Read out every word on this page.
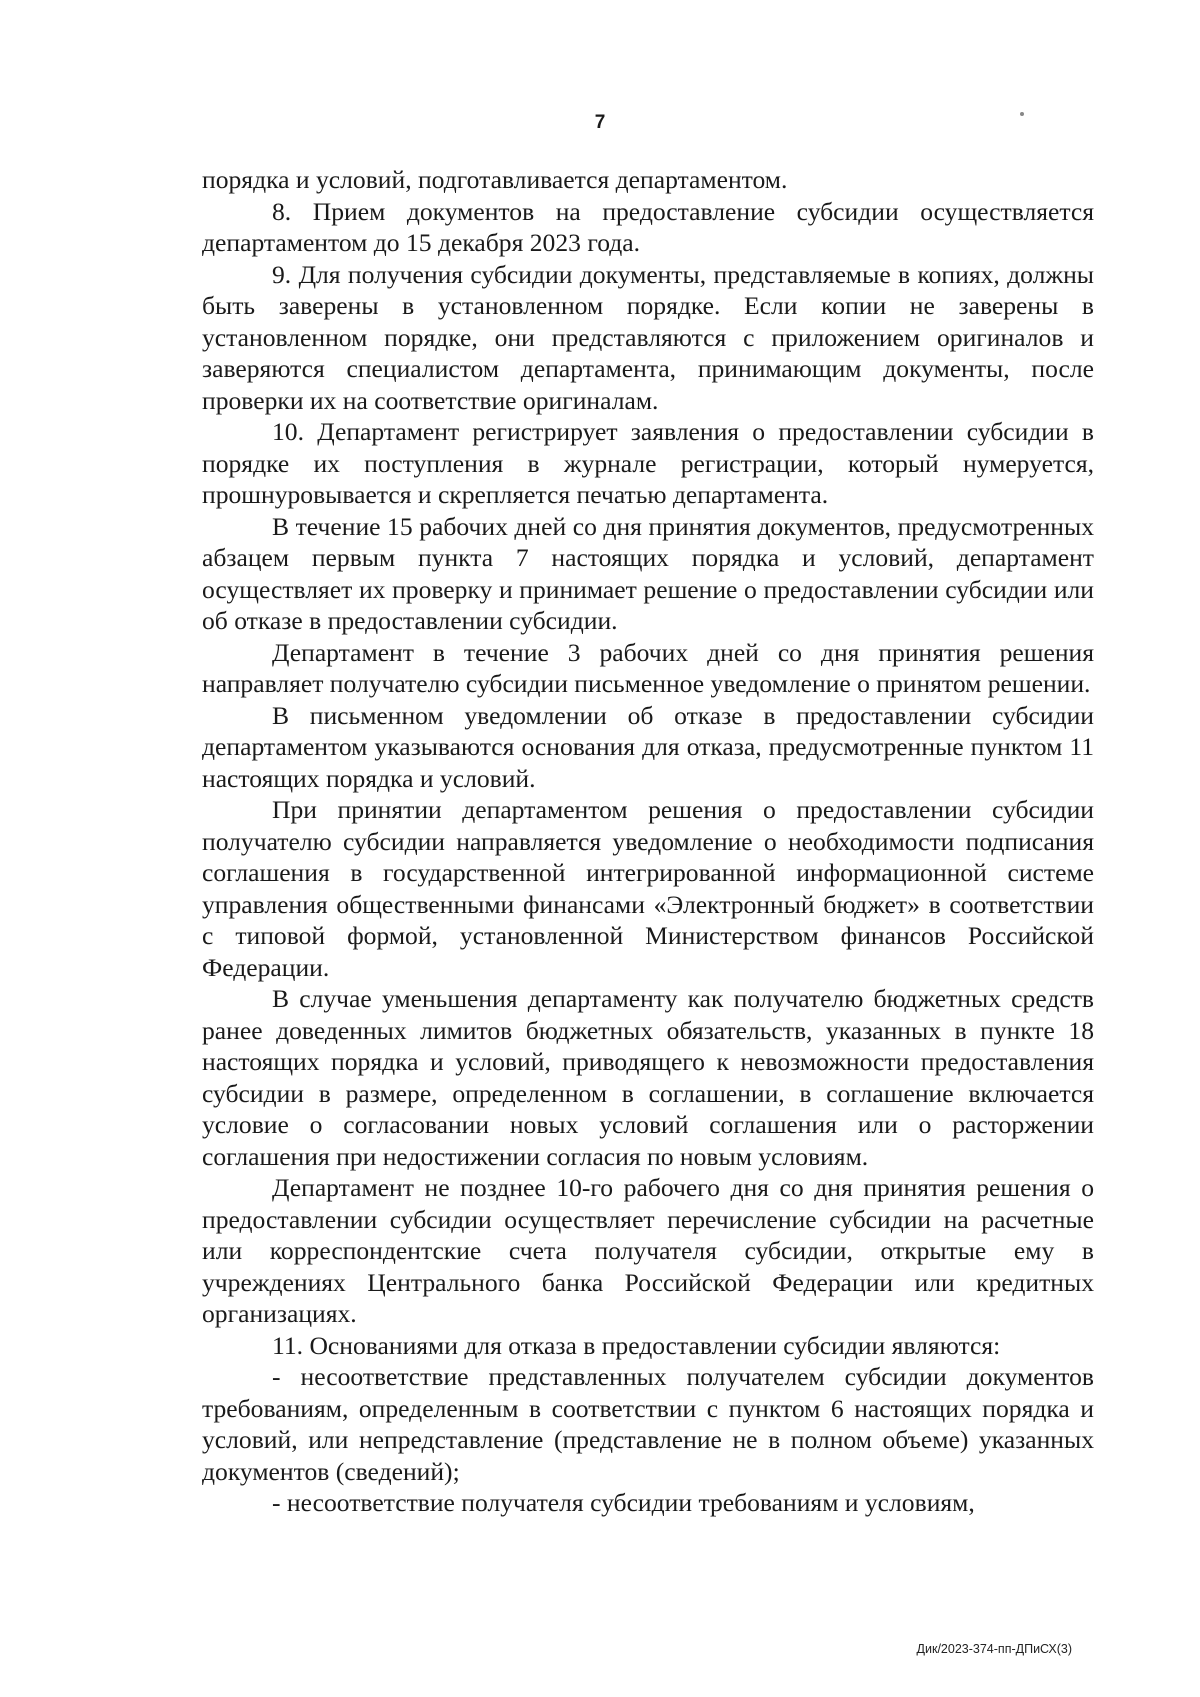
7

порядка и условий, подготавливается департаментом.

8. Прием документов на предоставление субсидии осуществляется департаментом до 15 декабря 2023 года.

9. Для получения субсидии документы, представляемые в копиях, должны быть заверены в установленном порядке. Если копии не заверены в установленном порядке, они представляются с приложением оригиналов и заверяются специалистом департамента, принимающим документы, после проверки их на соответствие оригиналам.

10. Департамент регистрирует заявления о предоставлении субсидии в порядке их поступления в журнале регистрации, который нумеруется, прошнуровывается и скрепляется печатью департамента.

В течение 15 рабочих дней со дня принятия документов, предусмотренных абзацем первым пункта 7 настоящих порядка и условий, департамент осуществляет их проверку и принимает решение о предоставлении субсидии или об отказе в предоставлении субсидии.

Департамент в течение 3 рабочих дней со дня принятия решения направляет получателю субсидии письменное уведомление о принятом решении.

В письменном уведомлении об отказе в предоставлении субсидии департаментом указываются основания для отказа, предусмотренные пунктом 11 настоящих порядка и условий.

При принятии департаментом решения о предоставлении субсидии получателю субсидии направляется уведомление о необходимости подписания соглашения в государственной интегрированной информационной системе управления общественными финансами «Электронный бюджет» в соответствии с типовой формой, установленной Министерством финансов Российской Федерации.

В случае уменьшения департаменту как получателю бюджетных средств ранее доведенных лимитов бюджетных обязательств, указанных в пункте 18 настоящих порядка и условий, приводящего к невозможности предоставления субсидии в размере, определенном в соглашении, в соглашение включается условие о согласовании новых условий соглашения или о расторжении соглашения при недостижении согласия по новым условиям.

Департамент не позднее 10-го рабочего дня со дня принятия решения о предоставлении субсидии осуществляет перечисление субсидии на расчетные или корреспондентские счета получателя субсидии, открытые ему в учреждениях Центрального банка Российской Федерации или кредитных организациях.

11. Основаниями для отказа в предоставлении субсидии являются:

- несоответствие представленных получателем субсидии документов требованиям, определенным в соответствии с пунктом 6 настоящих порядка и условий, или непредставление (представление не в полном объеме) указанных документов (сведений);

- несоответствие получателя субсидии требованиям и условиям,

Дик/2023-374-пп-ДПиСХ(3)
